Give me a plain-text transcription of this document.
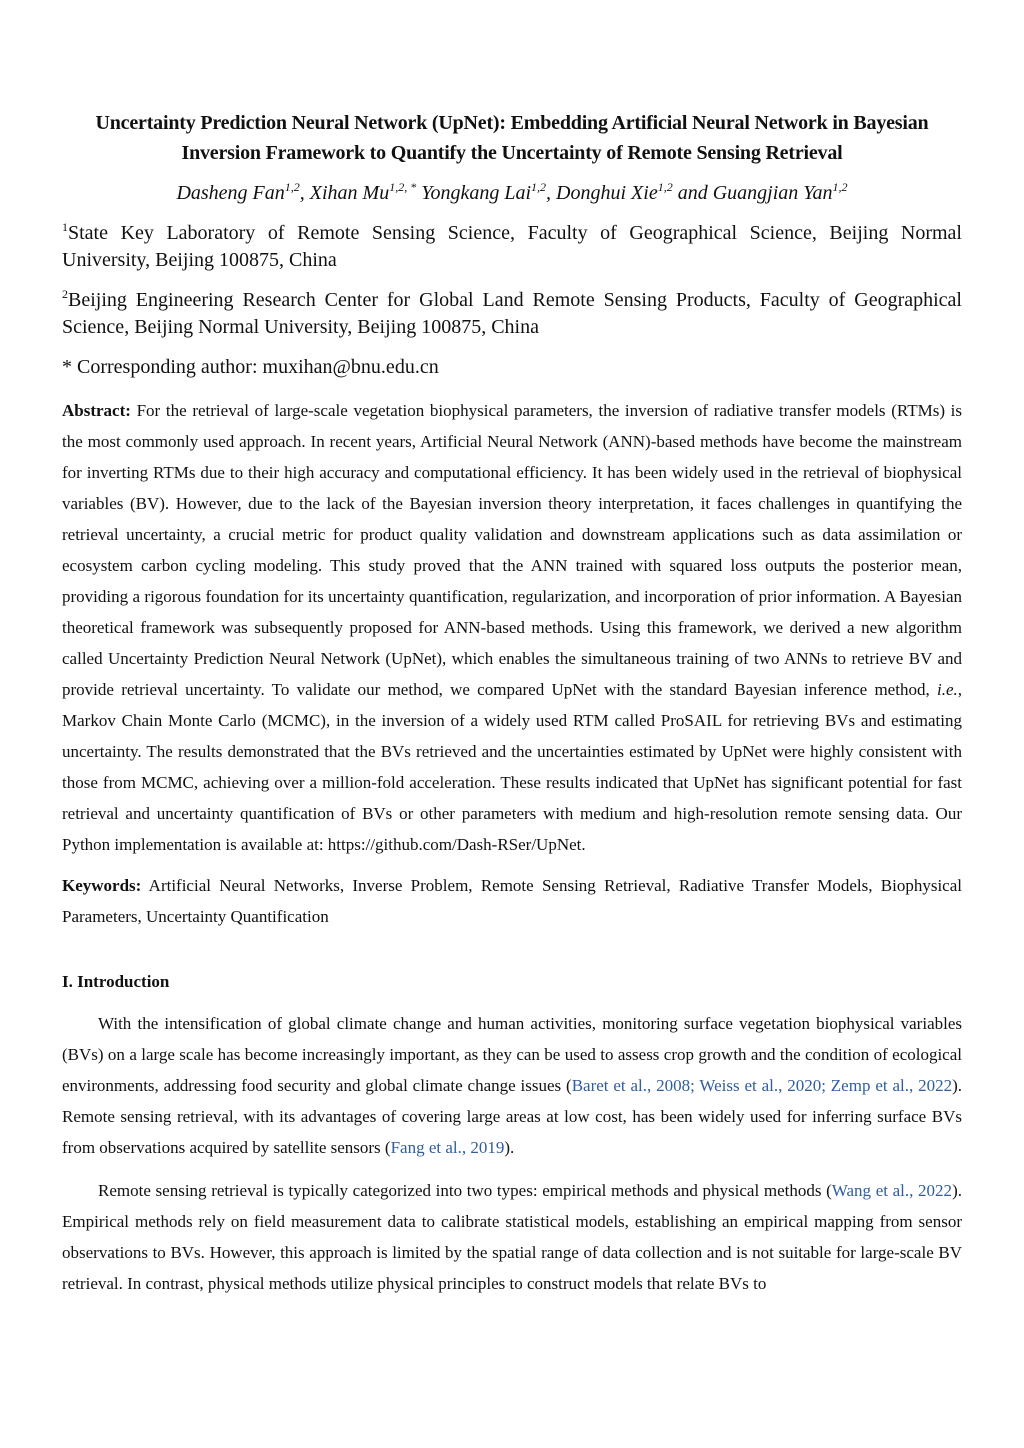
Uncertainty Prediction Neural Network (UpNet): Embedding Artificial Neural Network in Bayesian
Inversion Framework to Quantify the Uncertainty of Remote Sensing Retrieval
Dasheng Fan$^{1,2}$, Xihan $Mu^{1,2, *}$ Yongkang Lai$^{1,2}$, Donghui Xie$^{1,2}$ and Guangjian Yan$^{1,2}$
$^1$State Key Laboratory of Remote Sensing Science, Faculty of Geographical Science, Beijing Normal University, Beijing 100875, China
$^2$Beijing Engineering Research Center for Global Land Remote Sensing Products, Faculty of Geographical Science, Beijing Normal University, Beijing 100875, China
* Corresponding author: muxihan@bnu.edu.cn
Abstract: For the retrieval of large-scale vegetation biophysical parameters, the inversion of radiative transfer models (RTMs) is the most commonly used approach. In recent years, Artificial Neural Network (ANN)-based methods have become the mainstream for inverting RTMs due to their high accuracy and computational efficiency. It has been widely used in the retrieval of biophysical variables (BV). However, due to the lack of the Bayesian inversion theory interpretation, it faces challenges in quantifying the retrieval uncertainty, a crucial metric for product quality validation and downstream applications such as data assimilation or ecosystem carbon cycling modeling. This study proved that the ANN trained with squared loss outputs the posterior mean, providing a rigorous foundation for its uncertainty quantification, regularization, and incorporation of prior information. A Bayesian theoretical framework was subsequently proposed for ANN-based methods. Using this framework, we derived a new algorithm called Uncertainty Prediction Neural Network (UpNet), which enables the simultaneous training of two ANNs to retrieve BV and provide retrieval uncertainty. To validate our method, we compared UpNet with the standard Bayesian inference method, i.e., Markov Chain Monte Carlo (MCMC), in the inversion of a widely used RTM called ProSAIL for retrieving BVs and estimating uncertainty. The results demonstrated that the BVs retrieved and the uncertainties estimated by UpNet were highly consistent with those from MCMC, achieving over a million-fold acceleration. These results indicated that UpNet has significant potential for fast retrieval and uncertainty quantification of BVs or other parameters with medium and high-resolution remote sensing data. Our Python implementation is available at: https://github.com/Dash-RSer/UpNet.
Keywords: Artificial Neural Networks, Inverse Problem, Remote Sensing Retrieval, Radiative Transfer Models, Biophysical Parameters, Uncertainty Quantification
I. Introduction
With the intensification of global climate change and human activities, monitoring surface vegetation biophysical variables (BVs) on a large scale has become increasingly important, as they can be used to assess crop growth and the condition of ecological environments, addressing food security and global climate change issues (Baret et al., 2008; Weiss et al., 2020; Zemp et al., 2022). Remote sensing retrieval, with its advantages of covering large areas at low cost, has been widely used for inferring surface BVs from observations acquired by satellite sensors (Fang et al., 2019).
Remote sensing retrieval is typically categorized into two types: empirical methods and physical methods (Wang et al., 2022). Empirical methods rely on field measurement data to calibrate statistical models, establishing an empirical mapping from sensor observations to BVs. However, this approach is limited by the spatial range of data collection and is not suitable for large-scale BV retrieval. In contrast, physical methods utilize physical principles to construct models that relate BVs to
